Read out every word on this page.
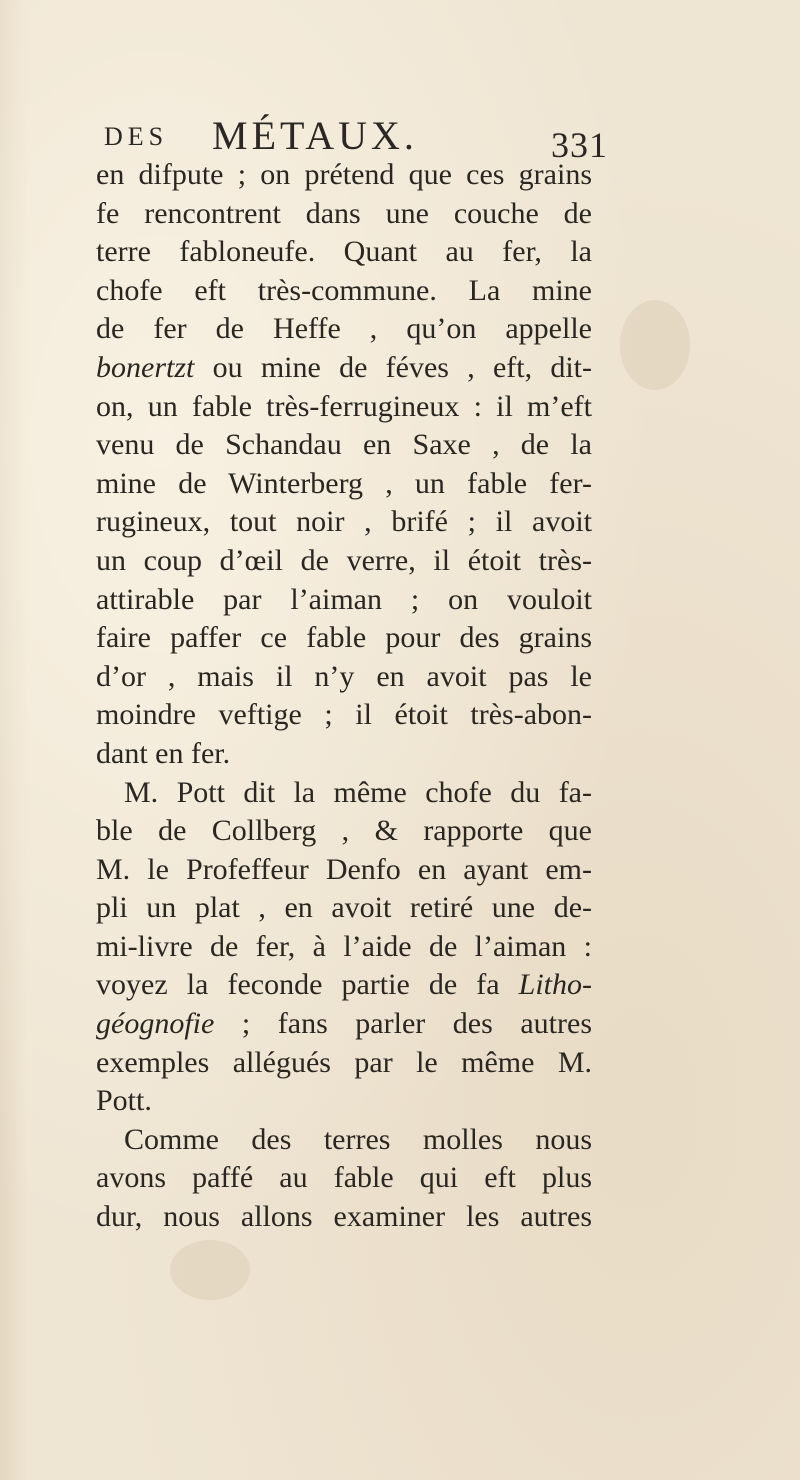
DES MÉTAUX.	331
en difpute ; on prétend que ces grains
fe rencontrent dans une couche de
terre fabloneufe. Quant au fer, la
chofe eft très-commune. La mine
de fer de Heffe , qu’on appelle
bonertzt ou mine de féves , eft, dit-
on, un fable très-ferrugineux : il m’eft
venu de Schandau en Saxe , de la
mine de Winterberg , un fable fer-
rugineux, tout noir , brifé ; il avoit
un coup d’œil de verre, il étoit très-
attirable par l’aiman ; on vouloit
faire paffer ce fable pour des grains
d’or , mais il n’y en avoit pas le
moindre veftige ; il étoit très-abon-
dant en fer.
M. Pott dit la même chofe du fa-
ble de Collberg , & rapporte que
M. le Profeffeur Denfo en ayant em-
pli un plat , en avoit retiré une de-
mi-livre de fer, à l’aide de l’aiman :
voyez la feconde partie de fa Litho-
géognofie ; fans parler des autres
exemples allégués par le même M.
Pott.
Comme des terres molles nous
avons paffé au fable qui eft plus
dur, nous allons examiner les autres
